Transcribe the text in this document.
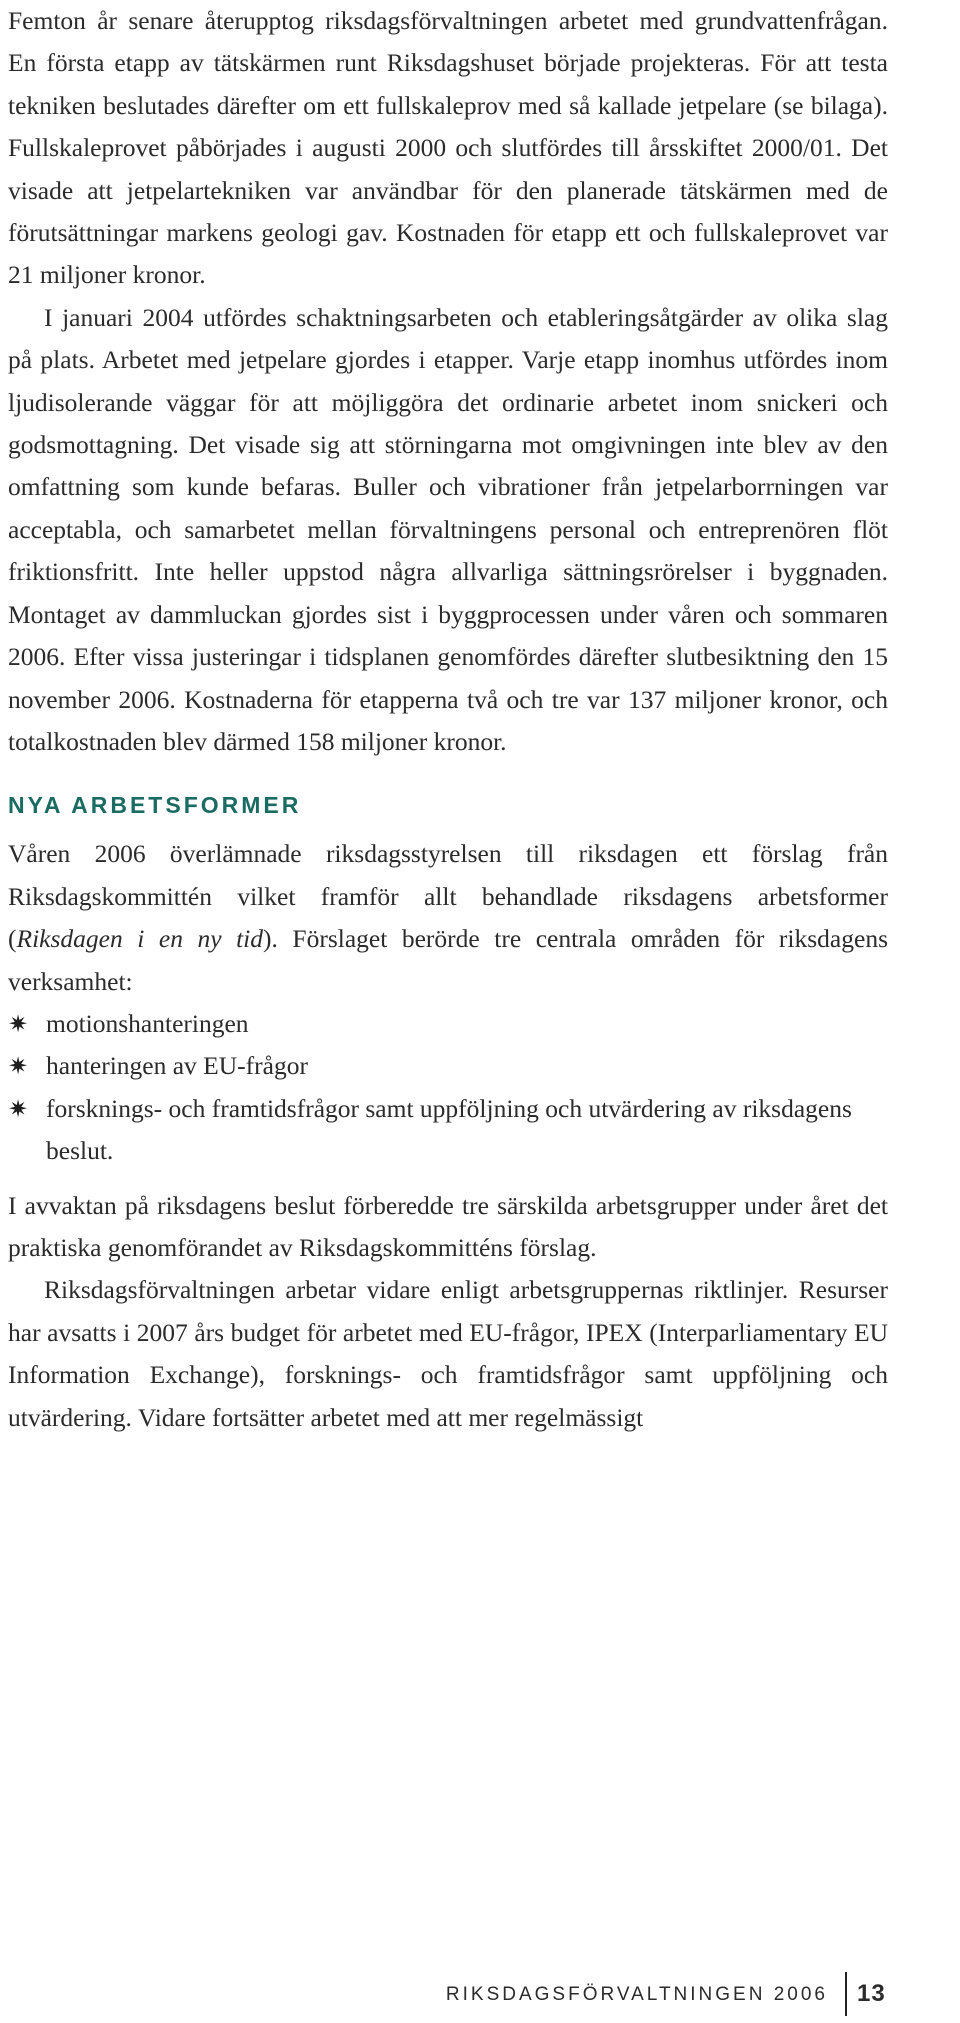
Femton år senare återupptog riksdagsförvaltningen arbetet med grundvattenfrågan. En första etapp av tätskärmen runt Riksdagshuset började projekteras. För att testa tekniken beslutades därefter om ett fullskaleprov med så kallade jetpelare (se bilaga). Fullskaleprovet påbörjades i augusti 2000 och slutfördes till årsskiftet 2000/01. Det visade att jetpelartekniken var användbar för den planerade tätskärmen med de förutsättningar markens geologi gav. Kostnaden för etapp ett och fullskaleprovet var 21 miljoner kronor.

I januari 2004 utfördes schaktningsarbeten och etableringsåtgärder av olika slag på plats. Arbetet med jetpelare gjordes i etapper. Varje etapp inomhus utfördes inom ljudisolerande väggar för att möjliggöra det ordinarie arbetet inom snickeri och godsmottagning. Det visade sig att störningarna mot omgivningen inte blev av den omfattning som kunde befaras. Buller och vibrationer från jetpelarborrningen var acceptabla, och samarbetet mellan förvaltningens personal och entreprenören flöt friktionsfritt. Inte heller uppstod några allvarliga sättningsrörelser i byggnaden. Montaget av dammluckan gjordes sist i byggprocessen under våren och sommaren 2006. Efter vissa justeringar i tidsplanen genomfördes därefter slutbesiktning den 15 november 2006. Kostnaderna för etapperna två och tre var 137 miljoner kronor, och totalkostnaden blev därmed 158 miljoner kronor.

NYA ARBETSFORMER

Våren 2006 överlämnade riksdagsstyrelsen till riksdagen ett förslag från Riksdagskommittén vilket framför allt behandlade riksdagens arbetsformer (Riksdagen i en ny tid). Förslaget berörde tre centrala områden för riksdagens verksamhet:

✷ motionshanteringen
✷ hanteringen av EU-frågor
✷ forsknings- och framtidsfrågor samt uppföljning och utvärdering av riksdagens beslut.

I avvaktan på riksdagens beslut förberedde tre särskilda arbetsgrupper under året det praktiska genomförandet av Riksdagskommitténs förslag.

Riksdagsförvaltningen arbetar vidare enligt arbetsgruppernas riktlinjer. Resurser har avsatts i 2007 års budget för arbetet med EU-frågor, IPEX (Interparliamentary EU Information Exchange), forsknings- och framtidsfrågor samt uppföljning och utvärdering. Vidare fortsätter arbetet med att mer regelmässigt

RIKSDAGSFÖRVALTNINGEN 2006 13
